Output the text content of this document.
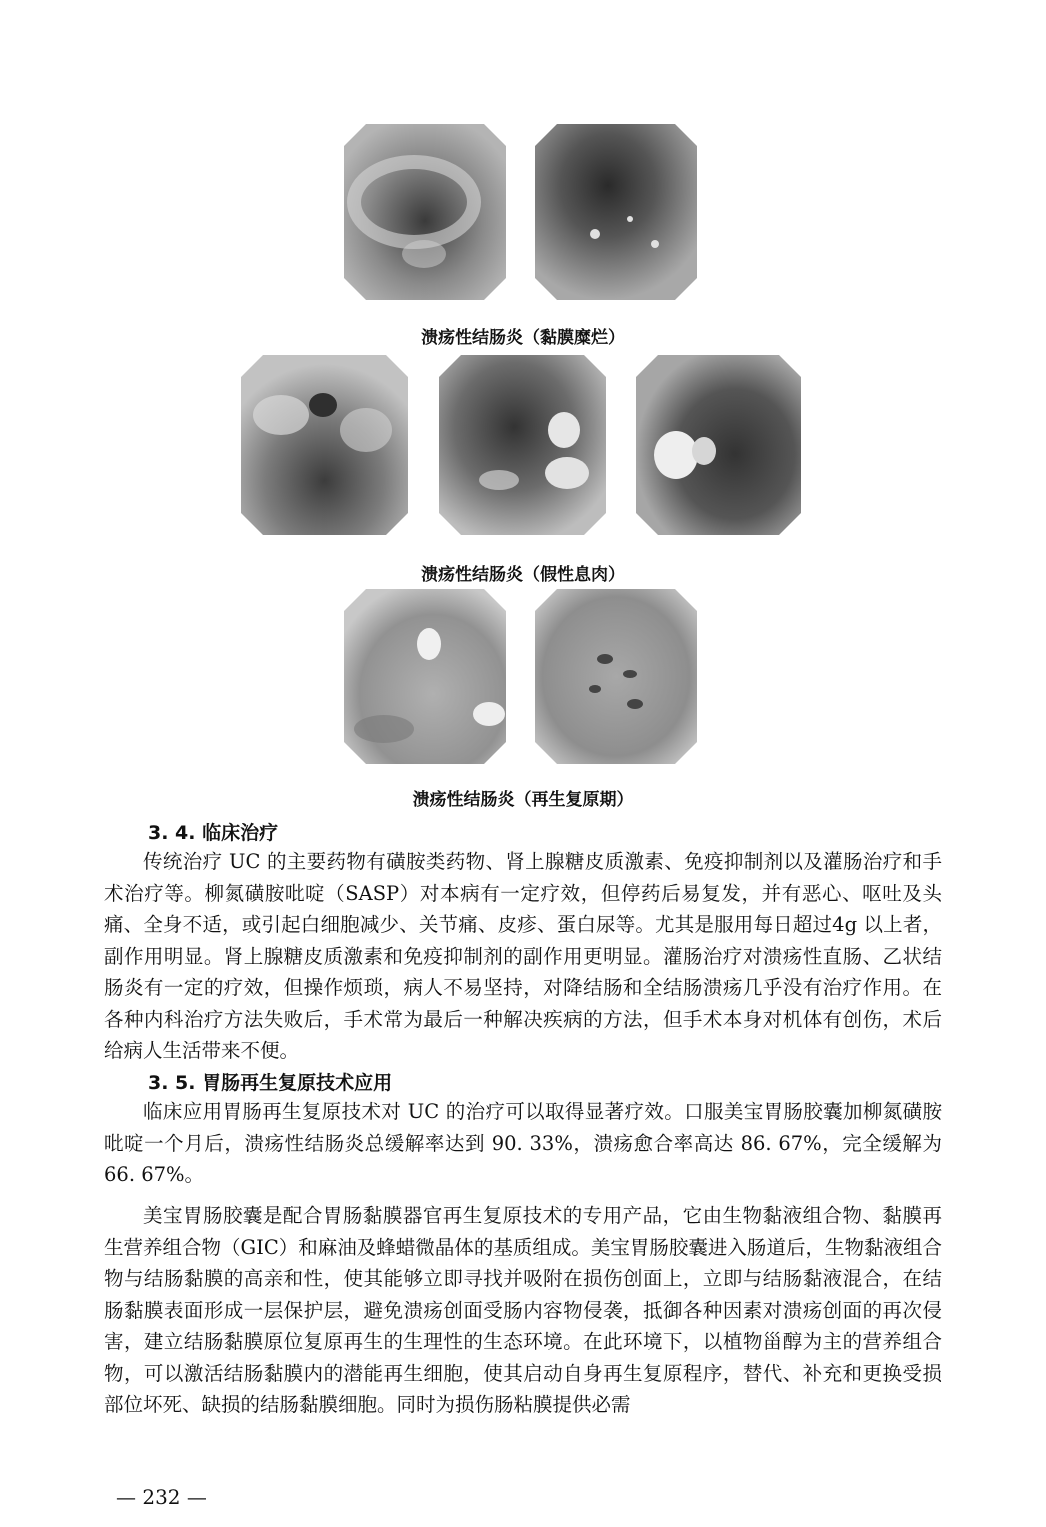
溃疡性结肠炎（黏膜糜烂）
溃疡性结肠炎（假性息肉）
溃疡性结肠炎（再生复原期）
3. 4. 临床治疗

传统治疗 UC 的主要药物有磺胺类药物、肾上腺糖皮质激素、免疫抑制剂以及灌肠治疗和手术治疗等。柳氮磺胺吡啶（SASP）对本病有一定疗效，但停药后易复发，并有恶心、呕吐及头痛、全身不适，或引起白细胞减少、关节痛、皮疹、蛋白尿等。尤其是服用每日超过4g 以上者，副作用明显。肾上腺糖皮质激素和免疫抑制剂的副作用更明显。灌肠治疗对溃疡性直肠、乙状结肠炎有一定的疗效，但操作烦琐，病人不易坚持，对降结肠和全结肠溃疡几乎没有治疗作用。在各种内科治疗方法失败后，手术常为最后一种解决疾病的方法，但手术本身对机体有创伤，术后给病人生活带来不便。

3. 5. 胃肠再生复原技术应用

临床应用胃肠再生复原技术对 UC 的治疗可以取得显著疗效。口服美宝胃肠胶囊加柳氮磺胺吡啶一个月后，溃疡性结肠炎总缓解率达到 90. 33%，溃疡愈合率高达 86. 67%，完全缓解为 66. 67%。

美宝胃肠胶囊是配合胃肠黏膜器官再生复原技术的专用产品，它由生物黏液组合物、黏膜再生营养组合物（GIC）和麻油及蜂蜡微晶体的基质组成。美宝胃肠胶囊进入肠道后，生物黏液组合物与结肠黏膜的高亲和性，使其能够立即寻找并吸附在损伤创面上，立即与结肠黏液混合，在结肠黏膜表面形成一层保护层，避免溃疡创面受肠内容物侵袭，抵御各种因素对溃疡创面的再次侵害，建立结肠黏膜原位复原再生的生理性的生态环境。在此环境下，以植物甾醇为主的营养组合物，可以激活结肠黏膜内的潜能再生细胞，使其启动自身再生复原程序，替代、补充和更换受损部位坏死、缺损的结肠黏膜细胞。同时为损伤肠粘膜提供必需

— 232 —
